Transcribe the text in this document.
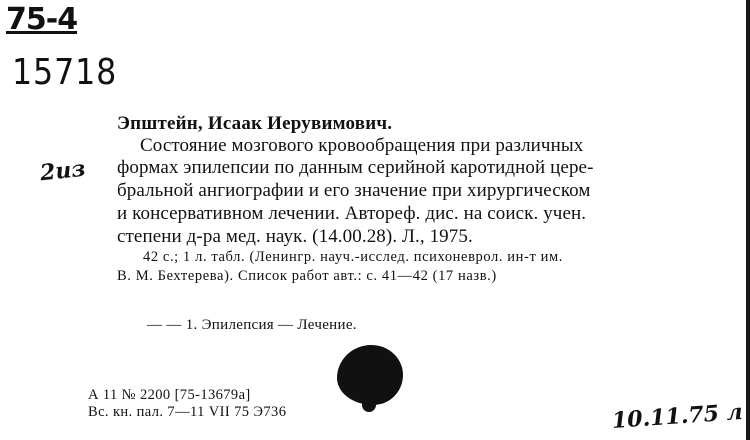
75-4
15718
2из
Эпштейн, Исаак Иерувимович.
Состояние мозгового кровообращения при различных
формах эпилепсии по данным серийной каротидной цере-
бральной ангиографии и его значение при хирургическом
и консервативном лечении. Автореф. дис. на соиск. учен.
степени д-ра мед. наук. (14.00.28). Л., 1975.
42 с.; 1 л. табл. (Ленингр. науч.-исслед. психоневрол. ин-т им.
В. М. Бехтерева). Список работ авт.: с. 41—42 (17 назв.)
— — 1. Эпилепсия — Лечение.
А 11 № 2200 [75-13679а]
Вс. кн. пал. 7—11 VII 75 Э736	10.11.75 л
